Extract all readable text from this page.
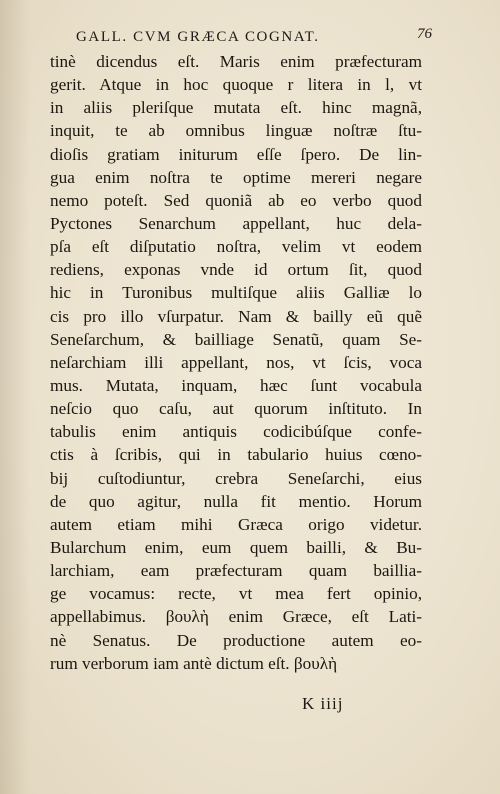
GALL. CVM GRÆCA COGNAT.	76
tinè dicendus eſt. Maris enim præfecturam
gerit. Atque in hoc quoque r litera in l, vt
in aliis pleriſque mutata eſt. hinc magnã,
inquit, te ab omnibus linguæ noſtræ ſtu-
dioſis gratiam initurum eſſe ſpero. De lin-
gua enim noſtra te optime mereri negare
nemo poteſt. Sed quoniã ab eo verbo quod
Pyctones Senarchum appellant, huc dela-
pſa eſt diſputatio noſtra, velim vt eodem
rediens, exponas vnde id ortum ſit, quod
hic in Turonibus multiſque aliis Galliæ lo
cis pro illo vſurpatur. Nam & bailly eũ quẽ
Seneſarchum, & bailliage Senatũ, quam Se-
neſarchiam illi appellant, nos, vt ſcis, voca
mus. Mutata, inquam, hæc ſunt vocabula
neſcio quo caſu, aut quorum inſtituto. In
tabulis enim antiquis codicibúſque confe-
ctis à ſcribis, qui in tabulario huius cœno-
bij cuſtodiuntur, crebra Seneſarchi, eius
de quo agitur, nulla fit mentio. Horum
autem etiam mihi Græca origo videtur.
Bularchum enim, eum quem bailli, & Bu-
larchiam, eam præfecturam quam baillia-
ge vocamus: recte, vt mea fert opinio,
appellabimus. βουλὴ enim Græce, eſt Lati-
nè Senatus. De productione autem eo-
rum verborum iam antè dictum eſt. βουλὴ
K iiij
